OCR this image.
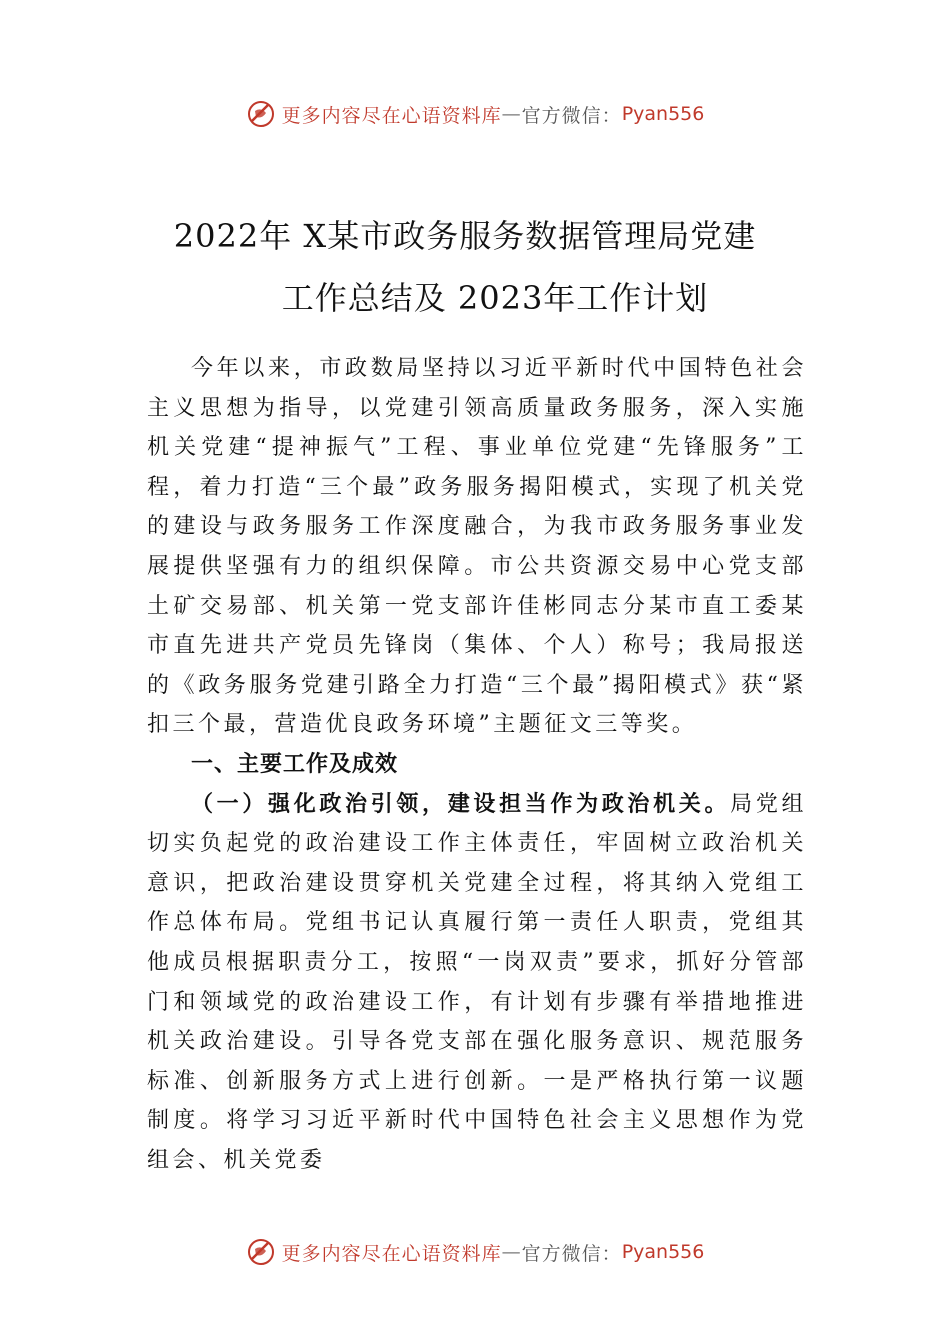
更多内容尽在心语资料库 — 官方微信： Pyan556
2022年 X某市政务服务数据管理局党建
工作总结及 2023年工作计划

今年以来，市政数局坚持以习近平新时代中国特色社会主义思想为指导，以党建引领高质量政务服务，深入实施机关党建“提神振气”工程、事业单位党建“先锋服务”工程，着力打造“三个最”政务服务揭阳模式，实现了机关党的建设与政务服务工作深度融合，为我市政务服务事业发展提供坚强有力的组织保障。市公共资源交易中心党支部土矿交易部、机关第一党支部许佳彬同志分某市直工委某市直先进共产党员先锋岗（集体、个人）称号；我局报送的《政务服务党建引路全力打造“三个最”揭阳模式》获“紧扣三个最，营造优良政务环境”主题征文三等奖。

一、主要工作及成效

（一）强化政治引领，建设担当作为政治机关。局党组切实负起党的政治建设工作主体责任，牢固树立政治机关意识，把政治建设贯穿机关党建全过程，将其纳入党组工作总体布局。党组书记认真履行第一责任人职责，党组其他成员根据职责分工，按照“一岗双责”要求，抓好分管部门和领域党的政治建设工作，有计划有步骤有举措地推进机关政治建设。引导各党支部在强化服务意识、规范服务标准、创新服务方式上进行创新。一是严格执行第一议题制度。将学习习近平新时代中国特色社会主义思想作为党组会、机关党委

更多内容尽在心语资料库 — 官方微信： Pyan556
